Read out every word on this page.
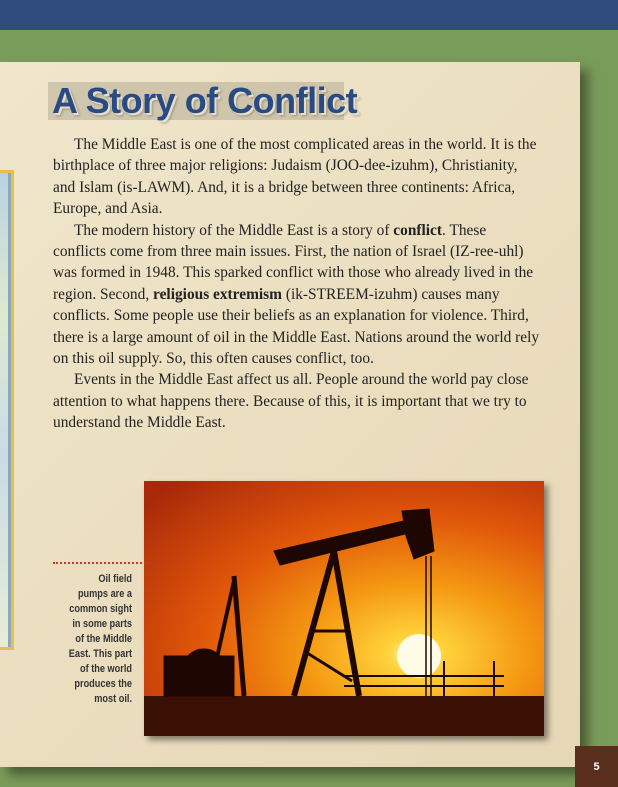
A Story of Conflict

The Middle East is one of the most complicated areas in the world. It is the birthplace of three major religions: Judaism (JOO-dee-izuhm), Christianity, and Islam (is-LAWM). And, it is a bridge between three continents: Africa, Europe, and Asia.

The modern history of the Middle East is a story of conflict. These conflicts come from three main issues. First, the nation of Israel (IZ-ree-uhl) was formed in 1948. This sparked conflict with those who already lived in the region. Second, religious extremism (ik-STREEM-izuhm) causes many conflicts. Some people use their beliefs as an explanation for violence. Third, there is a large amount of oil in the Middle East. Nations around the world rely on this oil supply. So, this often causes conflict, too.

Events in the Middle East affect us all. People around the world pay close attention to what happens there. Because of this, it is important that we try to understand the Middle East.

Oil field pumps are a common sight in some parts of the Middle East. This part of the world produces the most oil.
5
